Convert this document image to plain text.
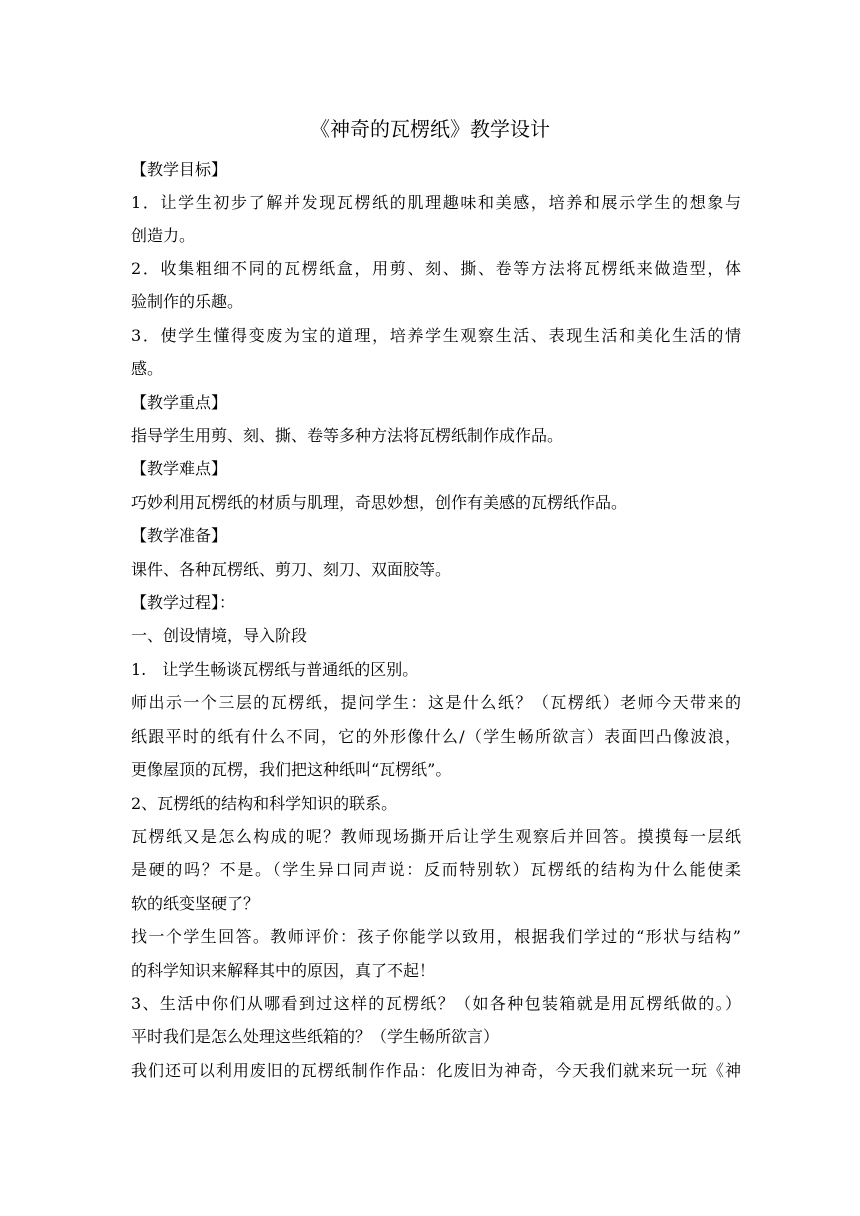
《神奇的瓦楞纸》教学设计
【教学目标】
1．让学生初步了解并发现瓦楞纸的肌理趣味和美感，培养和展示学生的想象与
创造力。
2．收集粗细不同的瓦楞纸盒，用剪、刻、撕、卷等方法将瓦楞纸来做造型，体
验制作的乐趣。
3．使学生懂得变废为宝的道理，培养学生观察生活、表现生活和美化生活的情
感。
【教学重点】
指导学生用剪、刻、撕、卷等多种方法将瓦楞纸制作成作品。
【教学难点】
巧妙利用瓦楞纸的材质与肌理，奇思妙想，创作有美感的瓦楞纸作品。
【教学准备】
课件、各种瓦楞纸、剪刀、刻刀、双面胶等。
【教学过程】：
一、创设情境，导入阶段
1.　让学生畅谈瓦楞纸与普通纸的区别。
师出示一个三层的瓦楞纸，提问学生：这是什么纸？（瓦楞纸）老师今天带来的
纸跟平时的纸有什么不同，它的外形像什么/（学生畅所欲言）表面凹凸像波浪，
更像屋顶的瓦楞，我们把这种纸叫“瓦楞纸”。
2、瓦楞纸的结构和科学知识的联系。
瓦楞纸又是怎么构成的呢？教师现场撕开后让学生观察后并回答。摸摸每一层纸
是硬的吗？不是。（学生异口同声说：反而特别软）瓦楞纸的结构为什么能使柔
软的纸变坚硬了？
找一个学生回答。教师评价：孩子你能学以致用，根据我们学过的“形状与结构”
的科学知识来解释其中的原因，真了不起！
3、生活中你们从哪看到过这样的瓦楞纸？（如各种包装箱就是用瓦楞纸做的。）
平时我们是怎么处理这些纸箱的？（学生畅所欲言）
我们还可以利用废旧的瓦楞纸制作作品：化废旧为神奇，今天我们就来玩一玩《神
